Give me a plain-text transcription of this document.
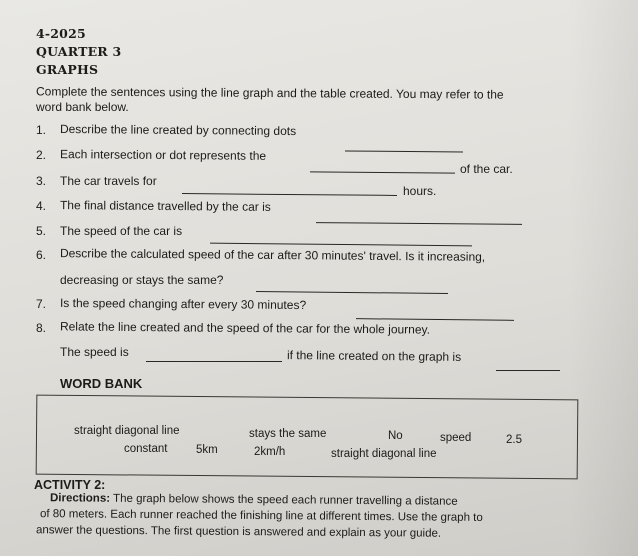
4-2025
QUARTER 3
GRAPHS
Complete the sentences using the line graph and the table created. You may refer to the
word bank below.
1. Describe the line created by connecting dots
2. Each intersection or dot represents the
of the car.
3. The car travels for
hours.
4. The final distance travelled by the car is
5. The speed of the car is
6. Describe the calculated speed of the car after 30 minutes' travel. Is it increasing,
decreasing or stays the same?
7. Is the speed changing after every 30 minutes?
8. Relate the line created and the speed of the car for the whole journey.
The speed is	if the line created on the graph is
WORD BANK
straight diagonal line	stays the same	No	speed	2.5
constant 5km	2km/h	straight diagonal line
ACTIVITY 2:
Directions: The graph below shows the speed each runner travelling a distance
of 80 meters. Each runner reached the finishing line at different times. Use the graph to
answer the questions. The first question is answered and explain as your guide.
